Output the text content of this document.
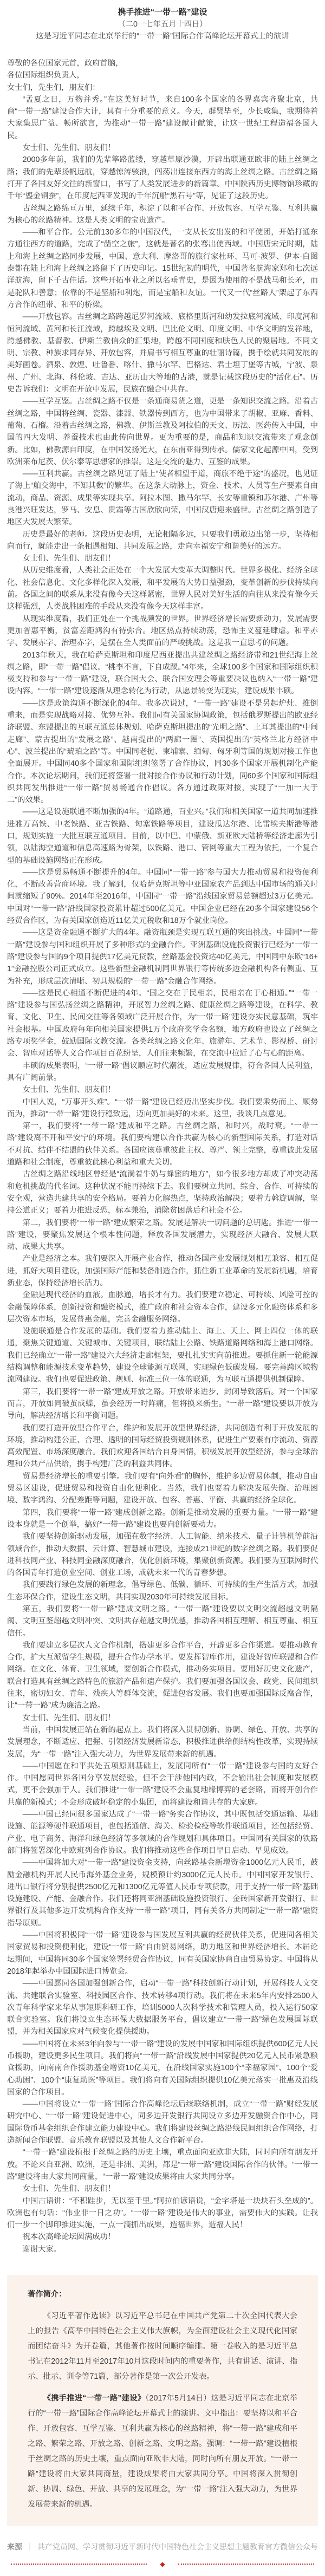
携手推进“一带一路”建设

（二0一七年五月十四日）

这是习近平同志在北京举行的“一带一路”国际合作高峰论坛开幕式上的演讲

尊敬的各位国家元首，政府首脑，

各位国际组织负责人，

女士们，先生们，朋友们：

“孟夏之日，万物并秀。”在这美好时节，来自100多个国家的各界嘉宾齐聚北京，共商“一带一路”建设合作大计，具有十分重要的意义。今天，群贤毕至，少长咸集，我期待着大家集思广益、畅所欲言，为推动“一带一路”建设献计献策，让这一世纪工程造福各国人民。

女士们、先生们、朋友们！

2000多年前，我们的先辈筚路蓝缕，穿越草原沙漠，开辟出联通亚欧非的陆上丝绸之路；我们的先辈扬帆远航，穿越惊涛骇浪，闯荡出连接东西方的海上丝绸之路。古丝绸之路打开了各国友好交往的新窗口，书写了人类发展进步的新篇章。中国陕西历史博物馆珍藏的千年“鎏金铜蚕”，在印度尼西亚发现的千年沉船“黑石号”等，见证了这段历史。

古丝绸之路绵亘万里，延续千年，积淀了以和平合作、开放包容、互学互鉴、互利共赢为核心的丝路精神。这是人类文明的宝贵遗产。

——和平合作。公元前130多年的中国汉代，一支从长安出发的和平使团，开始打通东方通往西方的道路，完成了“凿空之旅”，这就是著名的张骞出使西域。中国唐宋元时期，陆上和海上丝绸之路同步发展，中国、意大利、摩洛哥的旅行家杜环、马可·波罗、伊本·白图泰都在陆上和海上丝绸之路留下了历史印记。15世纪初的明代，中国著名航海家郑和七次远洋航海，留下千古佳话。这些开拓事业之所以名垂青史，是因为使用的不是战马和长矛，而是驼队和善意；依靠的不是坚船和利炮，而是宝船和友谊。一代又一代“丝路人”架起了东西方合作的纽带、和平的桥梁。

——开放包容。古丝绸之路跨越尼罗河流域、底格里斯河和幼发拉底河流域、印度河和恒河流域、黄河和长江流域，跨越埃及文明、巴比伦文明、印度文明、中华文明的发祥地，跨越佛教、基督教、伊斯兰教信众的汇集地，跨越不同国度和肤色人民的聚居地。不同文明、宗教、种族求同存异、开放包容，并肩书写相互尊重的壮丽诗篇，携手绘就共同发展的美好画卷。酒泉、敦煌、吐鲁番、喀什、撒马尔罕、巴格达、君士坦丁堡等古城，宁波、泉州、广州、北海、科伦坡、吉达、亚历山大等地的古港，就是记载这段历史的“活化石”。历史告诉我们：文明在开放中发展，民族在融合中共存。

——互学互鉴。古丝绸之路不仅是一条通商易货之道，更是一条知识交流之路。沿着古丝绸之路，中国将丝绸、瓷器、漆器、铁器传到西方，也为中国带来了胡椒、亚麻、香料、葡萄、石榴。沿着古丝绸之路，佛教、伊斯兰教及阿拉伯的天文、历法、医药传入中国，中国的四大发明、养蚕技术也由此传向世界。更为重要的是，商品和知识交流带来了观念创新。比如，佛教源自印度，在中国发扬光大，在东南亚得到传承。儒家文化起源中国，受到欧洲莱布尼茨、伏尔泰等思想家的推崇。这是交流的魅力、互鉴的成果。

——互利共赢。古丝绸之路见证了陆上“使者相望于道，商旅不绝于途”的盛况，也见证了海上“舶交海中，不知其数”的繁华。在这条大动脉上，资金、技术、人员等生产要素自由流动，商品、资源、成果等实现共享。阿拉木图、撒马尔罕、长安等重镇和苏尔港、广州等良港兴旺发达，罗马、安息、贵霜等古国欣欣向荣，中国汉唐迎来盛世。古丝绸之路创造了地区大发展大繁荣。

历史是最好的老师。这段历史表明，无论相隔多远，只要我们勇敢迈出第一步，坚持相向而行，就能走出一条相遇相知、共同发展之路，走向幸福安宁和谐美好的远方。

女士们、先生们、朋友们！

从历史维度看，人类社会正处在一个大发展大变革大调整时代。世界多极化、经济全球化、社会信息化、文化多样化深入发展，和平发展的大势日益强劲，变革创新的步伐持续向前。各国之间的联系从来没有像今天这样紧密，世界人民对美好生活的向往从来没有像今天这样强烈，人类战胜困难的手段从来没有像今天这样丰富。

从现实维度看，我们正处在一个挑战频发的世界。世界经济增长需要新动力，发展需要更加普惠平衡，贫富差距鸿沟有待弥合。地区热点持续动荡，恐怖主义蔓延肆虐。和平赤字、发展赤字、治理赤字，是摆在全人类面前的严峻挑战。这是我一直思考的问题。

2013年秋天，我在哈萨克斯坦和印度尼西亚提出共建丝绸之路经济带和21世纪海上丝绸之路，即“一带一路”倡议。“桃李不言，下自成蹊。”4年来，全球100多个国家和国际组织积极支持和参与“一带一路”建设，联合国大会、联合国安理会等重要决议也纳入“一带一路”建设内容。“一带一路”建设逐渐从理念转化为行动，从愿景转变为现实，建设成果丰硕。

——这是政策沟通不断深化的4年。我多次说过，“一带一路”建设不是另起炉灶、推倒重来，而是实现战略对接、优势互补。我们同有关国家协调政策，包括俄罗斯提出的欧亚经济联盟、东盟提出的互联互通总体规划、哈萨克斯坦提出的“光明之路”、土耳其提出的“中间走廊”、蒙古提出的“发展之路”、越南提出的“两廊一圈”、英国提出的“英格兰北方经济中心”、波兰提出的“琥珀之路”等。中国同老挝、柬埔寨、缅甸、匈牙利等国的规划对接工作也全面展开。中国同40多个国家和国际组织签署了合作协议，同30多个国家开展机制化产能合作。本次论坛期间，我们还将签署一批对接合作协议和行动计划，同60多个国家和国际组织共同发出推进“一带一路”贸易畅通合作倡议。各方通过政策对接，实现了“一加一大于二”的效果。

——这是设施联通不断加强的4年。“道路通，百业兴。”我们和相关国家一道共同加速推进雅万高铁、中老铁路、亚吉铁路、匈塞铁路等项目，建设瓜达尔港、比雷埃夫斯港等港口，规划实施一大批互联互通项目。目前，以中巴、中蒙俄、新亚欧大陆桥等经济走廊为引领，以陆海空通道和信息高速路为骨架，以铁路、港口、管网等重大工程为依托，一个复合型的基础设施网络正在形成。

——这是贸易畅通不断提升的4年。中国同“一带一路”参与国大力推动贸易和投资便利化，不断改善营商环境。我了解到，仅哈萨克斯坦等中亚国家农产品到达中国市场的通关时间就缩短了90%。2014年至2016年，中国同“一带一路”沿线国家贸易总额超过3万亿美元。中国对“一带一路”沿线国家投资累计超过500亿美元。中国企业已经在20多个国家建设56个经贸合作区，为有关国家创造近11亿美元税收和18万个就业岗位。

——这是资金融通不断扩大的4年。融资瓶颈是实现互联互通的突出挑战。中国同“一带一路”建设参与国和组织开展了多种形式的金融合作。亚洲基础设施投资银行已经为“一带一路”建设参与国的9个项目提供17亿美元贷款，丝路基金投资达40亿美元，中国同中东欧“16+1”金融控股公司正式成立。这些新型金融机制同世界银行等传统多边金融机构各有侧重、互为补充，形成层次清晰、初具规模的“一带一路”金融合作网络。

——这是民心相通不断促进的4年。“国之交在于民相亲，民相亲在于心相通。”“一带一路”建设参与国弘扬丝绸之路精神，开展智力丝绸之路、健康丝绸之路等建设，在科学、教育、文化、卫生、民间交往等各领域广泛开展合作，为“一带一路”建设夯实民意基础，筑牢社会根基。中国政府每年向相关国家提供1万个政府奖学金名额，地方政府也设立了丝绸之路专项奖学金，鼓励国际文教交流。各类丝绸之路文化年、旅游年、艺术节、影视桥、研讨会、智库对话等人文合作项目百花纷呈，人们往来频繁，在交流中拉近了心与心的距离。

丰硕的成果表明，“一带一路”倡议顺应时代潮流，适应发展规律，符合各国人民利益，具有广阔前景。

女士们、先生们、朋友们！

中国人说，“万事开头难”。“一带一路”建设已经迈出坚实步伐。我们要乘势而上、顺势而为，推动“一带一路”建设行稳致远，迈向更加美好的未来。这里，我谈几点意见。

第一，我们要将“一带一路”建成和平之路。古丝绸之路，和时兴，战时衰。“一带一路”建设离不开和平安宁的环境。我们要构建以合作共赢为核心的新型国际关系，打造对话不对抗、结伴不结盟的伙伴关系。各国应该尊重彼此主权、尊严、领土完整，尊重彼此发展道路和社会制度，尊重彼此核心利益和重大关切。

古丝绸之路沿线地区曾经是“流淌着牛奶与蜂蜜的地方”，如今很多地方却成了冲突动荡和危机挑战的代名词。这种状况不能再持续下去。我们要树立共同、综合、合作、可持续的安全观，营造共建共享的安全格局。要着力化解热点，坚持政治解决；要着力斡旋调解，坚持公道正义；要着力推进反恐，标本兼治，消除贫困落后和社会不公。

第二，我们要将“一带一路”建成繁荣之路。发展是解决一切问题的总钥匙。推进“一带一路”建设，要聚焦发展这个根本性问题，释放各国发展潜力，实现经济大融合、发展大联动、成果大共享。

产业是经济之本。我们要深入开展产业合作，推动各国产业发展规划相互兼容、相互促进，抓好大项目建设，加强国际产能和装备制造合作，抓住新工业革命的发展新机遇，培育新业态，保持经济增长活力。

金融是现代经济的血液。血脉通，增长才有力。我们要建立稳定、可持续、风险可控的金融保障体系，创新投资和融资模式，推广政府和社会资本合作，建设多元化融资体系和多层次资本市场，发展普惠金融，完善金融服务网络。

设施联通是合作发展的基础。我们要着力推动陆上、海上、天上、网上四位一体的联通，聚焦关键通道、关键城市、关键项目，联结陆上公路、铁路道路网络和海上港口网络。我们已经确立“一带一路”建设六大经济走廊框架，要扎扎实实向前推进。要抓住新一轮能源结构调整和能源技术变革趋势，建设全球能源互联网，实现绿色低碳发展。要完善跨区域物流网建设。我们也要促进政策、规则、标准三位一体的联通，为互联互通提供机制保障。

第三，我们要将“一带一路”建成开放之路。开放带来进步，封闭导致落后。对一个国家而言，开放如同破茧成蝶，虽会经历一时阵痛，但将换来新生。“一带一路”建设要以开放为导向，解决经济增长和平衡问题。

我们要打造开放型合作平台，维护和发展开放型世界经济，共同创造有利于开放发展的环境，推动构建公正、合理、透明的国际经贸投资规则体系，促进生产要素有序流动、资源高效配置、市场深度融合。我们欢迎各国结合自身国情，积极发展开放型经济，参与全球治理和公共产品供给，携手构建广泛的利益共同体。

贸易是经济增长的重要引擎。我们要有“向外看”的胸怀，维护多边贸易体制，推动自由贸易区建设，促进贸易和投资自由化便利化。当然，我们也要着力解决发展失衡、治理困境、数字鸿沟、分配差距等问题，建设开放、包容、普惠、平衡、共赢的经济全球化。

第四，我们要将“一带一路”建成创新之路。创新是推动发展的重要力量。“一带一路”建设本身就是一个创举，搞好“一带一路”建设也要向创新要动力。

我们要坚持创新驱动发展，加强在数字经济、人工智能、纳米技术、量子计算机等前沿领域合作，推动大数据、云计算、智慧城市建设，连接成21世纪的数字丝绸之路。我们要促进科技同产业、科技同金融深度融合，优化创新环境，集聚创新资源。我们要为互联网时代的各国青年打造创业空间、创业工场，成就未来一代的青春梦想。

我们要践行绿色发展的新理念，倡导绿色、低碳、循环、可持续的生产生活方式，加强生态环保合作，建设生态文明，共同实现2030年可持续发展目标。

第五，我们要将“一带一路”建成文明之路。“一带一路”建设要以文明交流超越文明隔阂、文明互鉴超越文明冲突、文明共存超越文明优越，推动各国相互理解、相互尊重、相互信任。

我们要建立多层次人文合作机制，搭建更多合作平台，开辟更多合作渠道。要推动教育合作，扩大互派留学生规模，提升合作办学水平。要发挥智库作用，建设好智库联盟和合作网络。在文化、体育、卫生领域，要创新合作模式，推动务实项目。要用好历史文化遗产，联合打造具有丝绸之路特色的旅游产品和遗产保护。我们要加强各国议会、政党、民间组织往来，密切妇女、青年、残疾人等群体交流，促进包容发展。我们也要加强国际反腐合作，让“一带一路”成为廉洁之路。

女士们、先生们、朋友们！

当前，中国发展正站在新的起点上。我们将深入贯彻创新、协调、绿色、开放、共享的发展理念，不断适应、把握、引领经济发展新常态，积极推进供给侧结构性改革，实现持续发展，为“一带一路”注入强大动力，为世界发展带来新的机遇。

——中国愿在和平共处五项原则基础上，发展同所有“一带一路”建设参与国的友好合作。中国愿同世界各国分享发展经验，但不会干涉他国内政，不会输出社会制度和发展模式，更不会强加于人。我们推进“一带一路”建设不会重复地缘博弈的老套路，而将开创合作共赢的新模式；不会形成破坏稳定的小集团，而将建设和谐共存的大家庭。

——中国已经同很多国家达成了“一带一路”务实合作协议，其中既包括交通运输、基础设施、能源等硬件联通项目，也包括通信、海关、检验检疫等软件联通项目，还包括经贸、产业、电子商务、海洋和绿色经济等多领域的合作规划和具体项目。中国同有关国家的铁路部门将签署深化中欧班列合作协议。我们将推动这些合作项目早日启动、早见成效。

——中国将加大对“一带一路”建设资金支持，向丝路基金新增资金1000亿元人民币，鼓励金融机构开展人民币海外基金业务，规模预计约3000亿元人民币。中国国家开发银行、进出口银行将分别提供2500亿元和1300亿元等值人民币专项贷款，用于支持“一带一路”基础设施建设、产能、金融合作。我们还将同亚洲基础设施投资银行、金砖国家新开发银行、世界银行及其他多边开发机构合作支持“一带一路”项目，同有关各方共同制定“一带一路”融资指导原则。

——中国将积极同“一带一路”建设参与国发展互利共赢的经贸伙伴关系，促进同各相关国家贸易和投资便利化，建设“一带一路”自由贸易网络，助力地区和世界经济增长。本届论坛期间，中国将同30多个国家签署经贸合作协议，同有关国家协商自由贸易协定。中国将从2018年起举办中国国际进口博览会。

——中国愿同各国加强创新合作，启动“一带一路”科技创新行动计划，开展科技人文交流、共建联合实验室、科技园区合作、技术转移4项行动。我们将在未来5年内安排2500人次青年科学家来华从事短期科研工作，培训5000人次科学技术和管理人员，投入运行50家联合实验室。我们将设立生态环保大数据服务平台，倡议建立“一带一路”绿色发展国际联盟，并为相关国家应对气候变化提供援助。

——中国将在未来3年向参与“一带一路”建设的发展中国家和国际组织提供600亿元人民币援助，建设更多民生项目。我们将向“一带一路”沿线发展中国家提供20亿元人民币紧急粮食援助，向南南合作援助基金增资10亿美元，在沿线国家实施100个“幸福家园”、100个“爱心助困”、100个“康复助医”等项目。我们将向有关国际组织提供10亿美元落实一批惠及沿线国家的合作项目。

——中国将设立“一带一路”国际合作高峰论坛后续联络机制，成立“一带一路”财经发展研究中心、“一带一路”建设促进中心，同多边开发银行共同设立多边开发融资合作中心，同国际货币基金组织合作建立能力建设中心。我们将建设丝绸之路沿线民间组织合作网络，打造新闻合作联盟、音乐教育联盟以及其他人文合作新平台。

“一带一路”建设植根于丝绸之路的历史土壤，重点面向亚欧非大陆，同时向所有朋友开放。不论来自亚洲、欧洲，还是非洲、美洲，都是“一带一路”建设国际合作的伙伴。“一带一路”建设将由大家共同商量，“一带一路”建设成果将由大家共同分享。

女士们、先生们、朋友们！

中国古语讲：“不积跬步，无以至千里。”阿拉伯谚语说，“金字塔是一块块石头垒成的”。欧洲也有句话：“伟业非一日之功”。“一带一路”建设是伟大的事业，需要伟大的实践。让我们一步一个脚印推进实施，一点一滴抓出成果，造福世界，造福人民！

祝本次高峰论坛圆满成功！

谢谢大家。

著作简介：

《习近平著作选读》以习近平总书记在中国共产党第二十次全国代表大会上的报告《高举中国特色社会主义伟大旗帜，为全面建设社会主义现代化国家而团结奋斗》为开卷篇，其他著作按时间顺序编排。第一卷收入的是习近平总书记在2012年11月至2017年10月这段时间内的重要著作，共有讲话、演讲、指示、批示、训令等71篇，部分著作是第一次公开发表。

《携手推进“一带一路”建设》（2017年5月14日）这是习近平同志在北京举行的“一带一路”国际合作高峰论坛开幕式上的演讲。文中指出：要坚持以和平合作、开放包容、互学互鉴、互利共赢为核心的丝路精神，将“一带一路”建成和平之路、繁荣之路、开放之路、创新之路、文明之路。强调：“一带一路”建设植根于丝绸之路的历史土壤，重点面向亚欧非大陆，同时向所有朋友开放。“一带一路”建设将由大家共同商量，建设成果将由大家共同分享。中国将深入贯彻创新、协调、绿色、开放、共享的发展理念，为“一带一路”注入强大动力，为世界发展带来新的机遇。

来源 ｜ 共产党员网、学习贯彻习近平新时代中国特色社会主义思想主题教育官方微信公众号
◆
